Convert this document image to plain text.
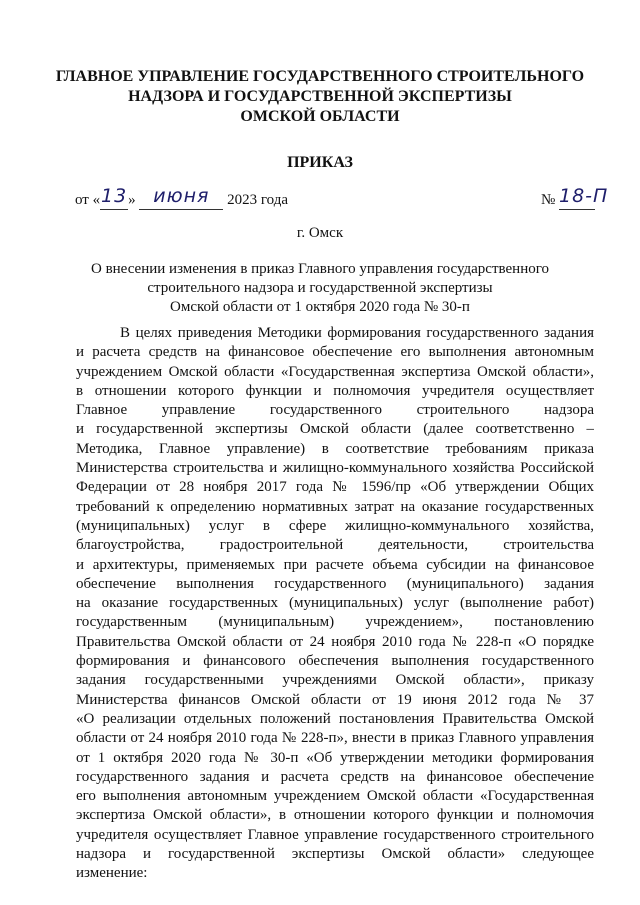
ГЛАВНОЕ УПРАВЛЕНИЕ ГОСУДАРСТВЕННОГО СТРОИТЕЛЬНОГО
НАДЗОРА И ГОСУДАРСТВЕННОЙ ЭКСПЕРТИЗЫ
ОМСКОЙ ОБЛАСТИ
ПРИКАЗ
от «13» июня 2023 года	№ 18-П
г. Омск
О внесении изменения в приказ Главного управления государственного
строительного надзора и государственной экспертизы
Омской области от 1 октября 2020 года № 30-п
В целях приведения Методики формирования государственного задания
и расчета средств на финансовое обеспечение его выполнения автономным
учреждением Омской области «Государственная экспертиза Омской области»,
в отношении которого функции и полномочия учредителя осуществляет
Главное управление государственного строительного надзора
и государственной экспертизы Омской области (далее соответственно –
Методика, Главное управление) в соответствие требованиям приказа
Министерства строительства и жилищно-коммунального хозяйства Российской
Федерации от 28 ноября 2017 года № 1596/пр «Об утверждении Общих
требований к определению нормативных затрат на оказание государственных
(муниципальных) услуг в сфере жилищно-коммунального хозяйства,
благоустройства, градостроительной деятельности, строительства
и архитектуры, применяемых при расчете объема субсидии на финансовое
обеспечение выполнения государственного (муниципального) задания
на оказание государственных (муниципальных) услуг (выполнение работ)
государственным (муниципальным) учреждением», постановлению
Правительства Омской области от 24 ноября 2010 года № 228-п «О порядке
формирования и финансового обеспечения выполнения государственного
задания государственными учреждениями Омской области», приказу
Министерства финансов Омской области от 19 июня 2012 года № 37
«О реализации отдельных положений постановления Правительства Омской
области от 24 ноября 2010 года № 228-п», внести в приказ Главного управления
от 1 октября 2020 года № 30-п «Об утверждении методики формирования
государственного задания и расчета средств на финансовое обеспечение
его выполнения автономным учреждением Омской области «Государственная
экспертиза Омской области», в отношении которого функции и полномочия
учредителя осуществляет Главное управление государственного строительного
надзора и государственной экспертизы Омской области» следующее
изменение:
